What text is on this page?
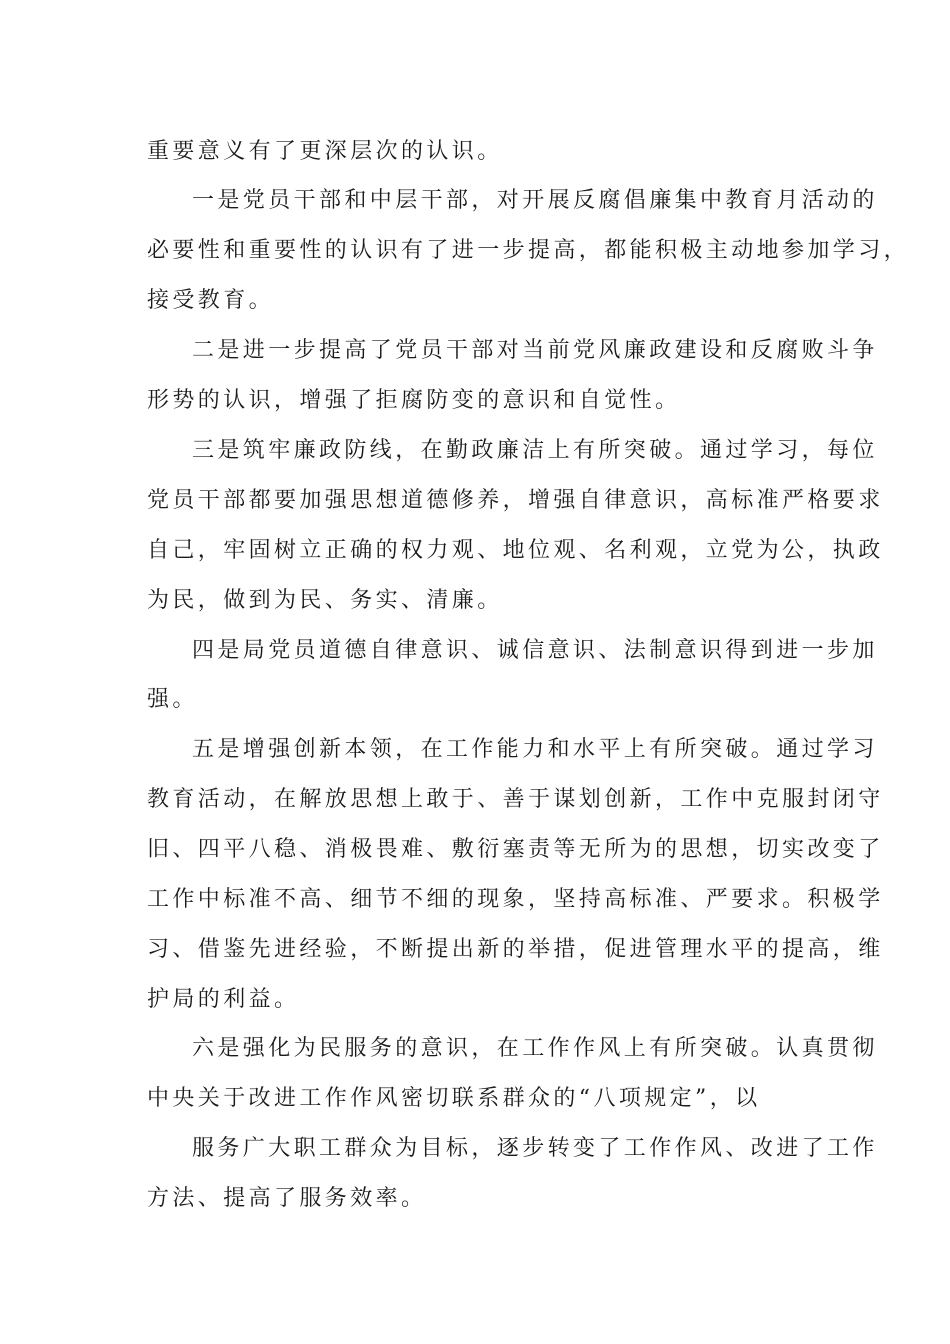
重要意义有了更深层次的认识。
一是党员干部和中层干部，对开展反腐倡廉集中教育月活动的
必要性和重要性的认识有了进一步提高，都能积极主动地参加学习，
接受教育。
二是进一步提高了党员干部对当前党风廉政建设和反腐败斗争
形势的认识，增强了拒腐防变的意识和自觉性。
三是筑牢廉政防线，在勤政廉洁上有所突破。通过学习，每位
党员干部都要加强思想道德修养，增强自律意识，高标准严格要求
自己，牢固树立正确的权力观、地位观、名利观，立党为公，执政
为民，做到为民、务实、清廉。
四是局党员道德自律意识、诚信意识、法制意识得到进一步加
强。
五是增强创新本领，在工作能力和水平上有所突破。通过学习
教育活动，在解放思想上敢于、善于谋划创新，工作中克服封闭守
旧、四平八稳、消极畏难、敷衍塞责等无所为的思想，切实改变了
工作中标准不高、细节不细的现象，坚持高标准、严要求。积极学
习、借鉴先进经验，不断提出新的举措，促进管理水平的提高，维
护局的利益。
六是强化为民服务的意识，在工作作风上有所突破。认真贯彻
中央关于改进工作作风密切联系群众的“八项规定”，以
服务广大职工群众为目标，逐步转变了工作作风、改进了工作
方法、提高了服务效率。
